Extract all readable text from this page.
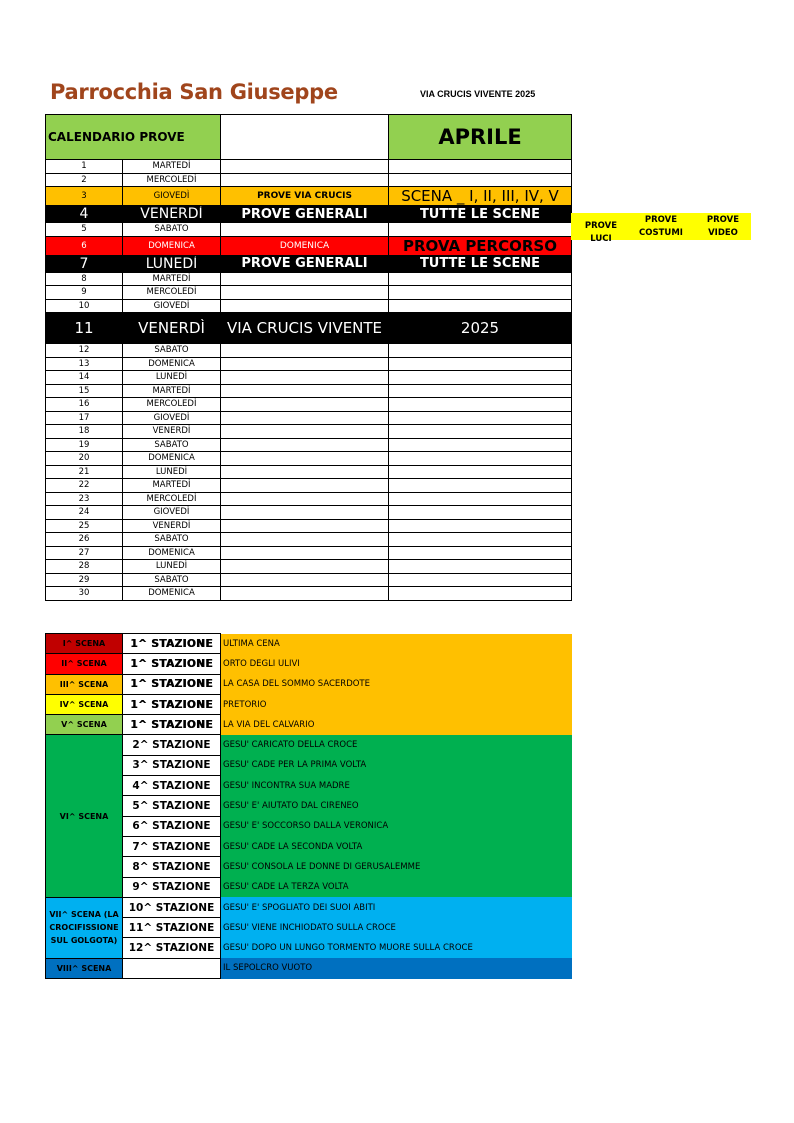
Parrocchia San Giuseppe	VIA CRUCIS VIVENTE 2025
CALENDARIO PROVE			APRILE
1	MARTEDÌ		
2	MERCOLEDÌ		
3	GIOVEDÌ	PROVE VIA CRUCIS	SCENA _ I, II, III, IV, V
4	VENERDÌ	PROVE GENERALI	TUTTE LE SCENE
5	SABATO		
6	DOMENICA	DOMENICA	PROVA PERCORSO
7	LUNEDÌ	PROVE GENERALI	TUTTE LE SCENE
8	MARTEDÌ		
9	MERCOLEDÌ		
10	GIOVEDÌ		
11	VENERDÌ	VIA CRUCIS VIVENTE	2025
12	SABATO		
13	DOMENICA		
14	LUNEDÌ		
15	MARTEDÌ		
16	MERCOLEDÌ		
17	GIOVEDÌ		
18	VENERDÌ		
19	SABATO		
20	DOMENICA		
21	LUNEDÌ		
22	MARTEDÌ		
23	MERCOLEDÌ		
24	GIOVEDÌ		
25	VENERDÌ		
26	SABATO		
27	DOMENICA		
28	LUNEDÌ		
29	SABATO		
30	DOMENICA		
PROVE LUCI
PROVE
COSTUMI
PROVE
VIDEO
I^ SCENA	1^ STAZIONE	ULTIMA CENA
II^ SCENA	1^ STAZIONE	ORTO DEGLI ULIVI
III^ SCENA	1^ STAZIONE	LA CASA DEL SOMMO SACERDOTE
IV^ SCENA	1^ STAZIONE	PRETORIO
V^ SCENA	1^ STAZIONE	LA VIA DEL CALVARIO
VI^ SCENA	2^ STAZIONE	GESU' CARICATO DELLA CROCE
	3^ STAZIONE	GESU' CADE PER LA PRIMA VOLTA
	4^ STAZIONE	GESU' INCONTRA SUA MADRE
	5^ STAZIONE	GESU' E' AIUTATO DAL CIRENEO
	6^ STAZIONE	GESU' E' SOCCORSO DALLA VERONICA
	7^ STAZIONE	GESU' CADE LA SECONDA VOLTA
	8^ STAZIONE	GESU' CONSOLA LE DONNE DI GERUSALEMME
	9^ STAZIONE	GESU' CADE LA TERZA VOLTA
VII^ SCENA (LA CROCIFISSIONE SUL GOLGOTA)	10^ STAZIONE	GESU' E' SPOGLIATO DEI SUOI ABITI
	11^ STAZIONE	GESU' VIENE INCHIODATO SULLA CROCE
	12^ STAZIONE	GESU' DOPO UN LUNGO TORMENTO MUORE SULLA CROCE
VIII^ SCENA		IL SEPOLCRO VUOTO
